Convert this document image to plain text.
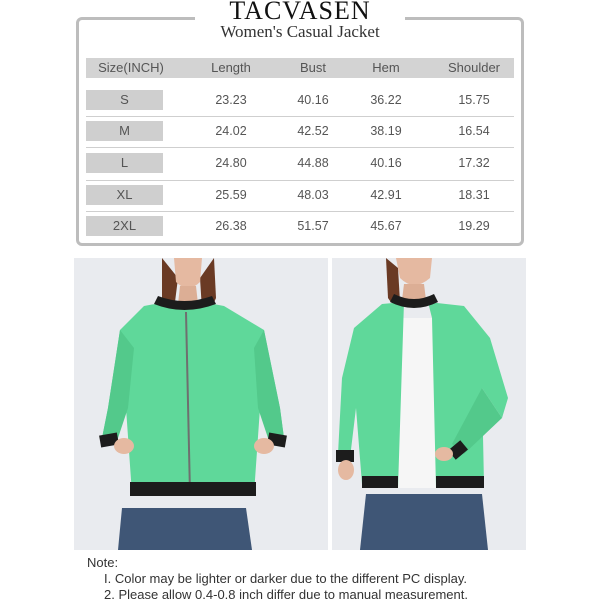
TACVASEN
Women's Casual Jacket
Size(INCH)	Length	Bust	Hem	Shoulder
S	23.23	40.16	36.22	15.75
M	24.02	42.52	38.19	16.54
L	24.80	44.88	40.16	17.32
XL	25.59	48.03	42.91	18.31
2XL	26.38	51.57	45.67	19.29
Note:
I. Color may be lighter or darker due to the different PC display.
2. Please allow 0.4-0.8 inch differ due to manual measurement.
